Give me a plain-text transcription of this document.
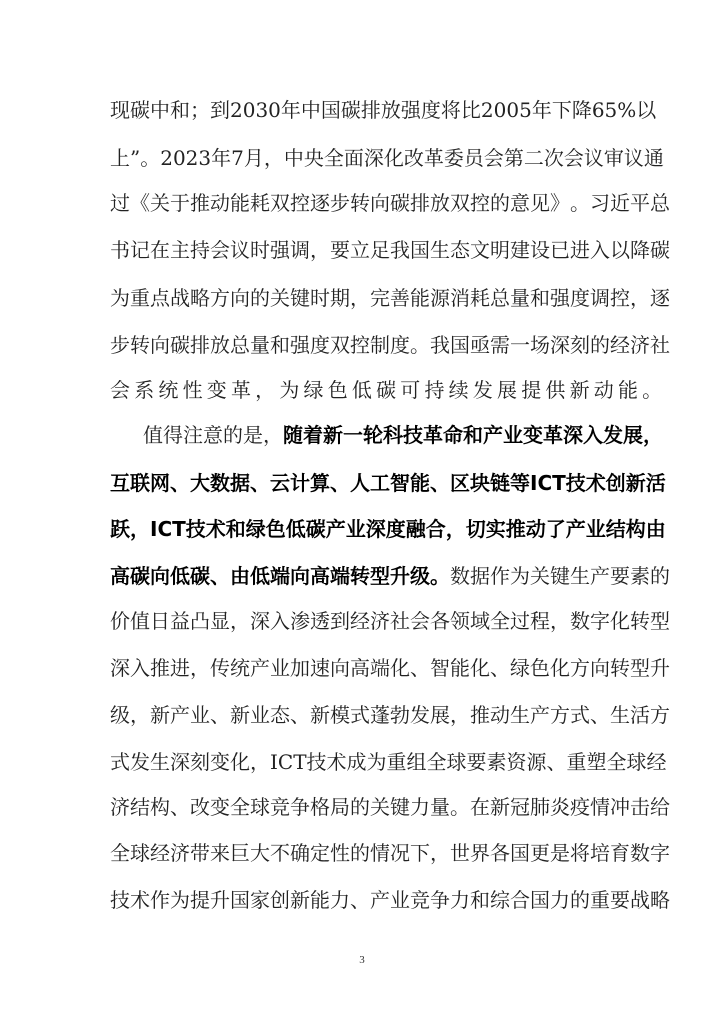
现 碳 中 和 ； 到 2030 年 中 国 碳 排 放 强 度 将 比 2005 年 下 降 65% 以
上 ” 。 2023 年 7 月 ， 中 央 全 面 深 化 改 革 委 员 会 第 二 次 会 议 审 议 通
过 《 关 于 推 动 能 耗 双 控 逐 步 转 向 碳 排 放 双 控 的 意 见 》 。 习 近 平 总
书 记 在 主 持 会 议 时 强 调 ， 要 立 足 我 国 生 态 文 明 建 设 已 进 入 以 降 碳
为 重 点 战 略 方 向 的 关 键 时 期 ， 完 善 能 源 消 耗 总 量 和 强 度 调 控 ， 逐
步 转 向 碳 排 放 总 量 和 强 度 双 控 制 度 。 我 国 亟 需 一 场 深 刻 的 经 济 社
会 系 统 性 变 革 ， 为 绿 色 低 碳 可 持 续 发 展 提 供 新 动 能 。
值 得 注 意 的 是 ， 随 着 新 一 轮 科 技 革 命 和 产 业 变 革 深 入 发 展 ，
互 联 网 、 大 数 据 、 云 计 算 、 人 工 智 能 、 区 块 链 等 ICT 技 术 创 新 活
跃 ， ICT 技 术 和 绿 色 低 碳 产 业 深 度 融 合 ， 切 实 推 动 了 产 业 结 构 由
高 碳 向 低 碳 、 由 低 端 向 高 端 转 型 升 级 。 数 据 作 为 关 键 生 产 要 素 的
价 值 日 益 凸 显 ， 深 入 渗 透 到 经 济 社 会 各 领 域 全 过 程 ， 数 字 化 转 型
深 入 推 进 ， 传 统 产 业 加 速 向 高 端 化 、 智 能 化 、 绿 色 化 方 向 转 型 升
级 ， 新 产 业 、 新 业 态 、 新 模 式 蓬 勃 发 展 ， 推 动 生 产 方 式 、 生 活 方
式 发 生 深 刻 变 化 ， ICT 技 术 成 为 重 组 全 球 要 素 资 源 、 重 塑 全 球 经
济 结 构 、 改 变 全 球 竞 争 格 局 的 关 键 力 量 。 在 新 冠 肺 炎 疫 情 冲 击 给
全 球 经 济 带 来 巨 大 不 确 定 性 的 情 况 下 ， 世 界 各 国 更 是 将 培 育 数 字
技 术 作 为 提 升 国 家 创 新 能 力 、 产 业 竞 争 力 和 综 合 国 力 的 重 要 战 略
3
